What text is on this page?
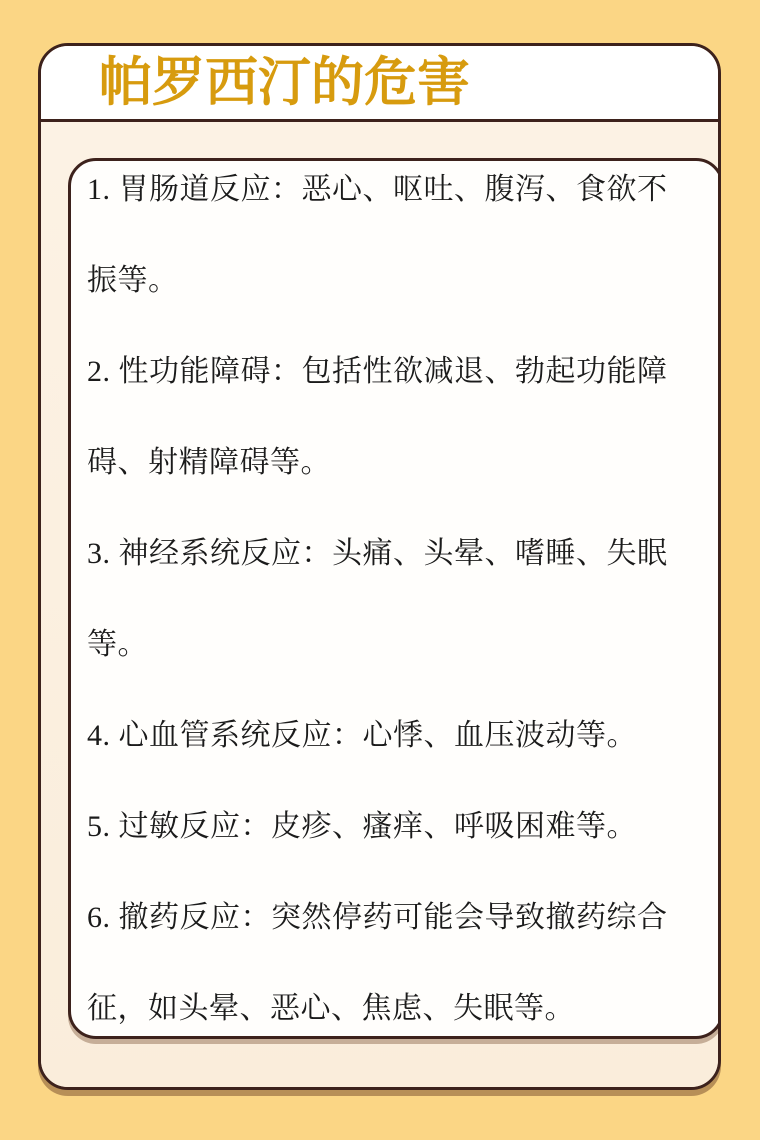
帕罗西汀的危害
1. 胃肠道反应：恶心、呕吐、腹泻、食欲不
振等。
2. 性功能障碍：包括性欲减退、勃起功能障
碍、射精障碍等。
3. 神经系统反应：头痛、头晕、嗜睡、失眠
等。
4. 心血管系统反应：心悸、血压波动等。
5. 过敏反应：皮疹、瘙痒、呼吸困难等。
6. 撤药反应：突然停药可能会导致撤药综合
征，如头晕、恶心、焦虑、失眠等。
